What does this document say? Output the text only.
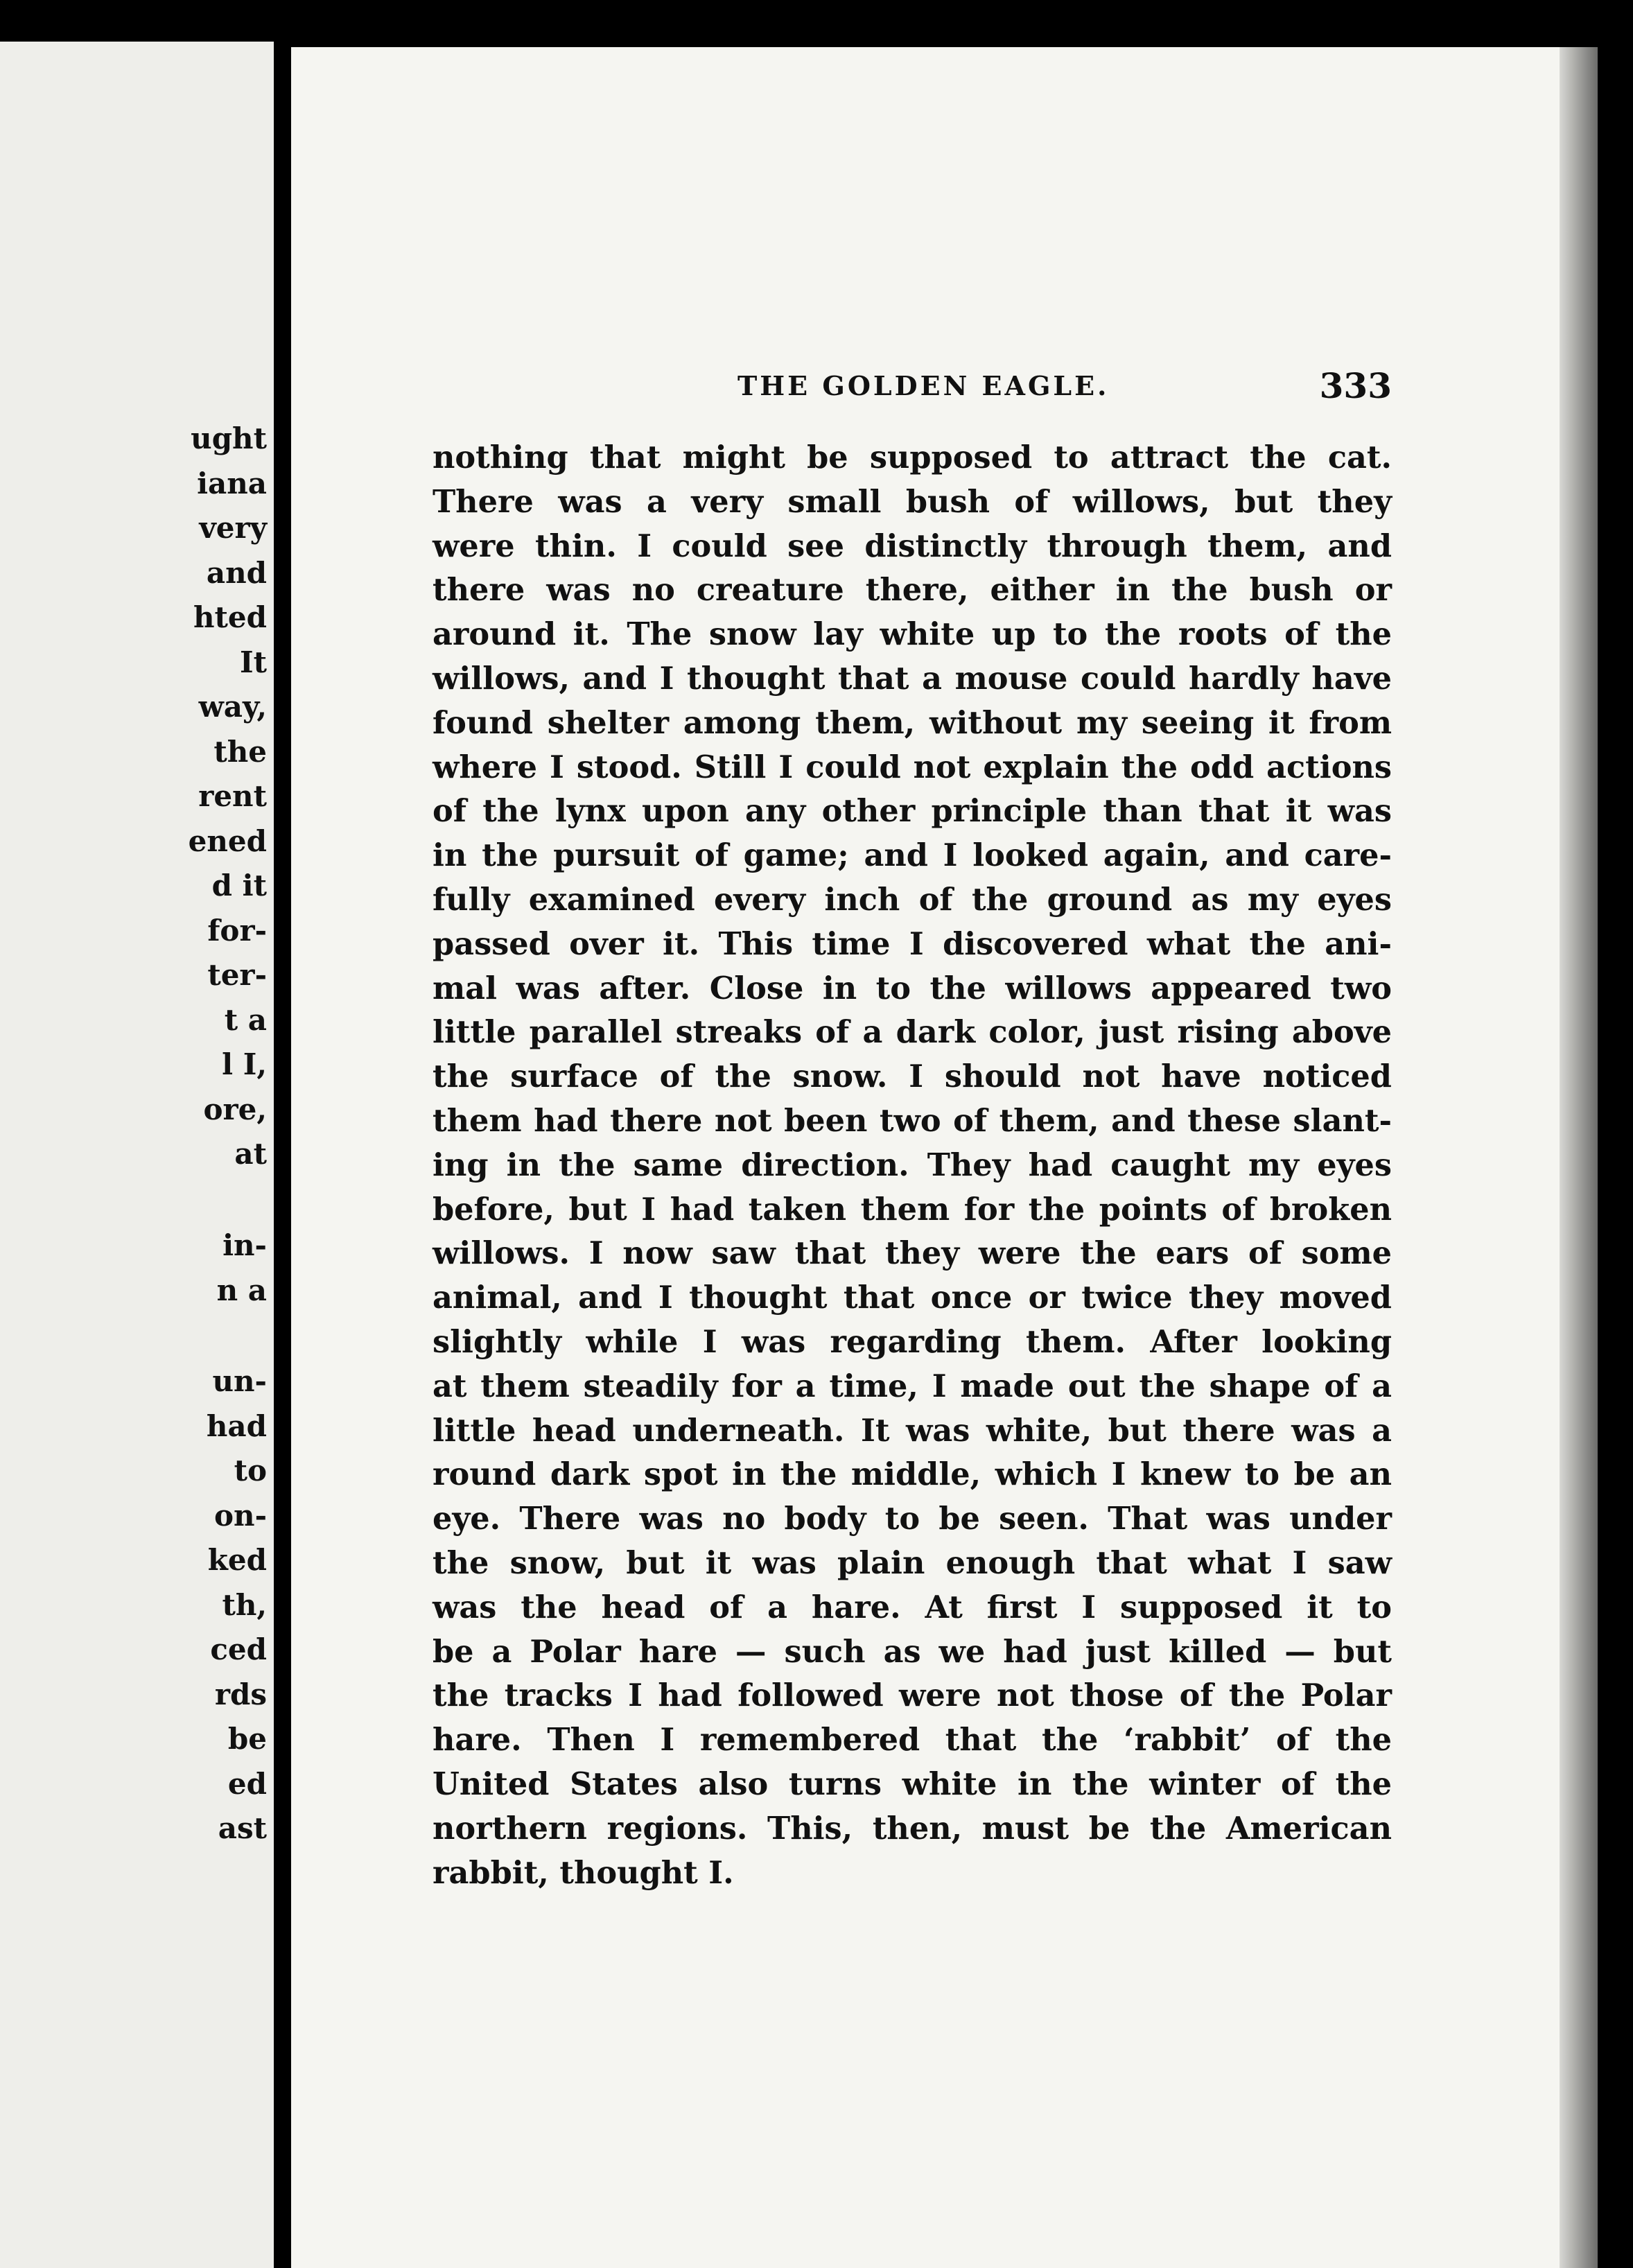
ught
iana
very
and
hted
It
way,
the
rent
ened
d it
for-
ter-
t a
l I,
ore,
at
in-
n a
un-
had
to
on-
ked
th,
ced
rds
be
ed
ast
THE GOLDEN EAGLE.	333
nothing that might be supposed to attract the cat.
There was a very small bush of willows, but they
were thin. I could see distinctly through them, and
there was no creature there, either in the bush or
around it. The snow lay white up to the roots of the
willows, and I thought that a mouse could hardly have
found shelter among them, without my seeing it from
where I stood. Still I could not explain the odd actions
of the lynx upon any other principle than that it was
in the pursuit of game; and I looked again, and care-
fully examined every inch of the ground as my eyes
passed over it. This time I discovered what the ani-
mal was after. Close in to the willows appeared two
little parallel streaks of a dark color, just rising above
the surface of the snow. I should not have noticed
them had there not been two of them, and these slant-
ing in the same direction. They had caught my eyes
before, but I had taken them for the points of broken
willows. I now saw that they were the ears of some
animal, and I thought that once or twice they moved
slightly while I was regarding them. After looking
at them steadily for a time, I made out the shape of a
little head underneath. It was white, but there was a
round dark spot in the middle, which I knew to be an
eye. There was no body to be seen. That was under
the snow, but it was plain enough that what I saw
was the head of a hare. At first I supposed it to
be a Polar hare — such as we had just killed — but
the tracks I had followed were not those of the Polar
hare. Then I remembered that the ‘rabbit’ of the
United States also turns white in the winter of the
northern regions. This, then, must be the American
rabbit, thought I.
